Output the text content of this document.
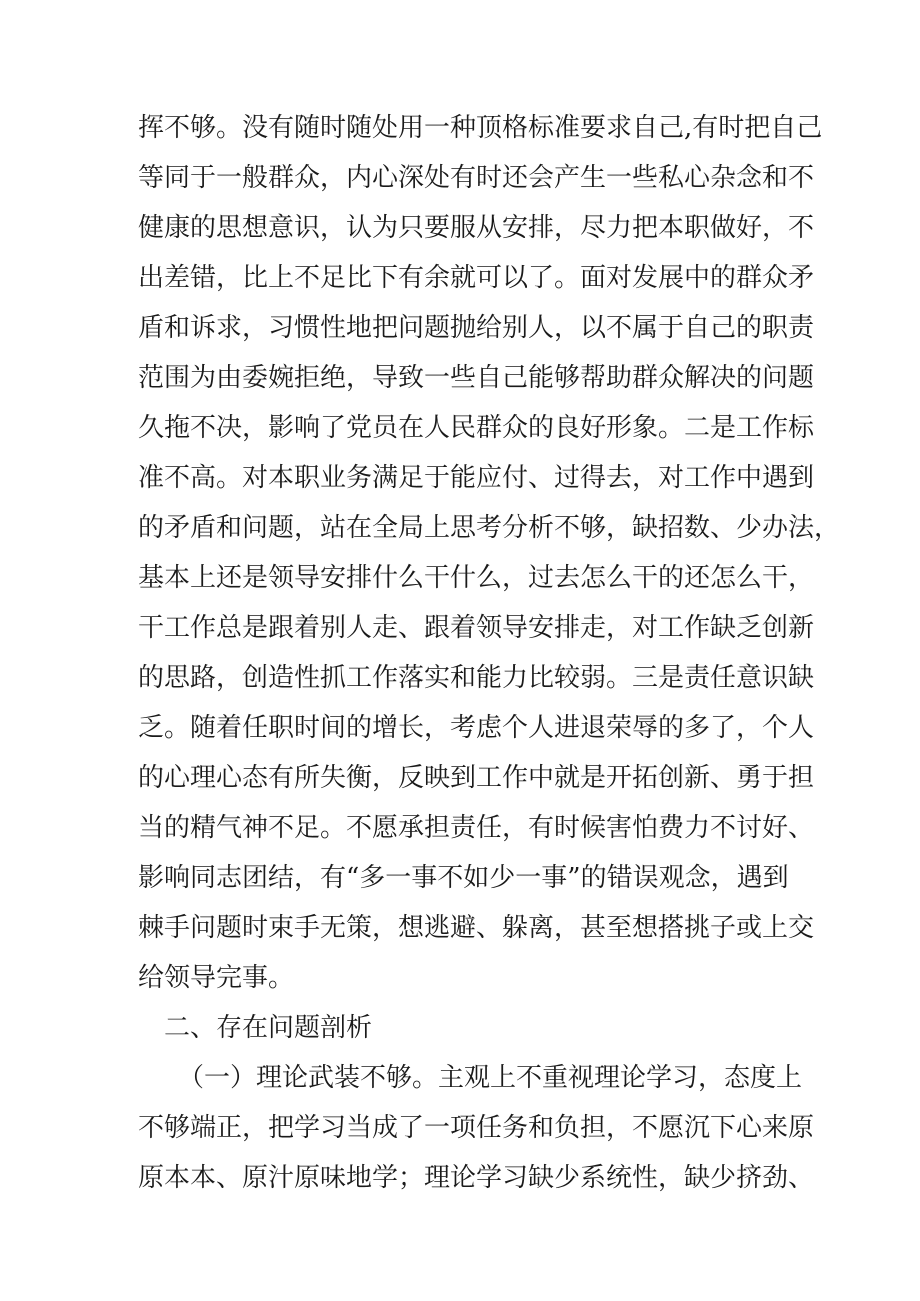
挥不够。没有随时随处用一种顶格标准要求自己,有时把自己
等同于一般群众，内心深处有时还会产生一些私心杂念和不
健康的思想意识，认为只要服从安排，尽力把本职做好，不
出差错，比上不足比下有余就可以了。面对发展中的群众矛
盾和诉求，习惯性地把问题抛给别人，以不属于自己的职责
范围为由委婉拒绝，导致一些自己能够帮助群众解决的问题
久拖不决，影响了党员在人民群众的良好形象。二是工作标
准不高。对本职业务满足于能应付、过得去，对工作中遇到
的矛盾和问题，站在全局上思考分析不够，缺招数、少办法，
基本上还是领导安排什么干什么，过去怎么干的还怎么干，
干工作总是跟着别人走、跟着领导安排走，对工作缺乏创新
的思路，创造性抓工作落实和能力比较弱。三是责任意识缺
乏。随着任职时间的增长，考虑个人进退荣辱的多了，个人
的心理心态有所失衡，反映到工作中就是开拓创新、勇于担
当的精气神不足。不愿承担责任，有时候害怕费力不讨好、
影响同志团结，有“多一事不如少一事”的错误观念，遇到
棘手问题时束手无策，想逃避、躲离，甚至想搭挑子或上交
给领导完事。
二、存在问题剖析
（一）理论武装不够。主观上不重视理论学习，态度上
不够端正，把学习当成了一项任务和负担，不愿沉下心来原
原本本、原汁原味地学；理论学习缺少系统性，缺少挤劲、
